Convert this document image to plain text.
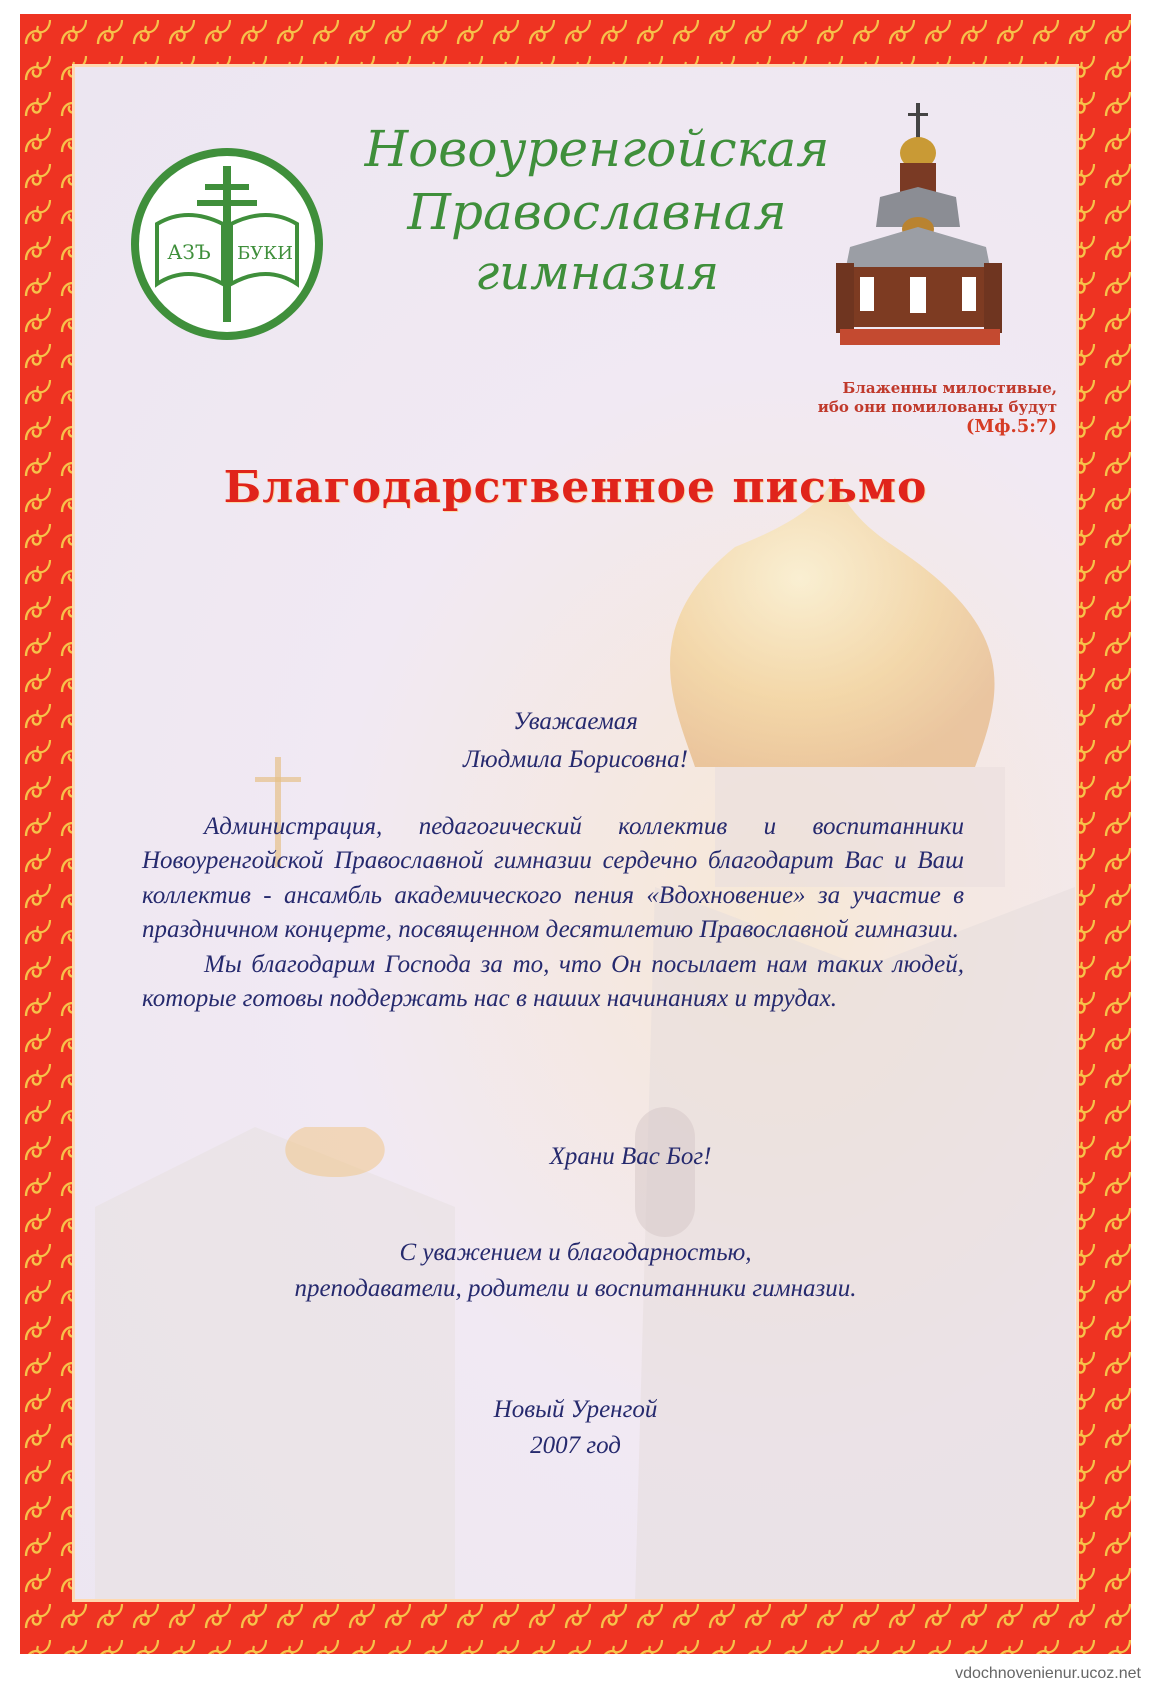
АЗЪ БУКИ
Новоуренгойская
Православная
гимназия
Блаженны милостивые,
ибо они помилованы будут
(Мф.5:7)
Благодарственное письмо
Уважаемая
Людмила Борисовна!

Администрация, педагогический коллектив и воспитанники Новоуренгойской Православной гимназии сердечно благодарит Вас и Ваш коллектив - ансамбль академического пения «Вдохновение» за участие в праздничном концерте, посвященном десятилетию Православной гимназии.

Мы благодарим Господа за то, что Он посылает нам таких людей, которые готовы поддержать нас в наших начинаниях и трудах.

Храни Вас Бог!
С уважением и благодарностью,
преподаватели, родители и воспитанники гимназии.
Новый Уренгой
2007 год
vdochnovenienur.ucoz.net
